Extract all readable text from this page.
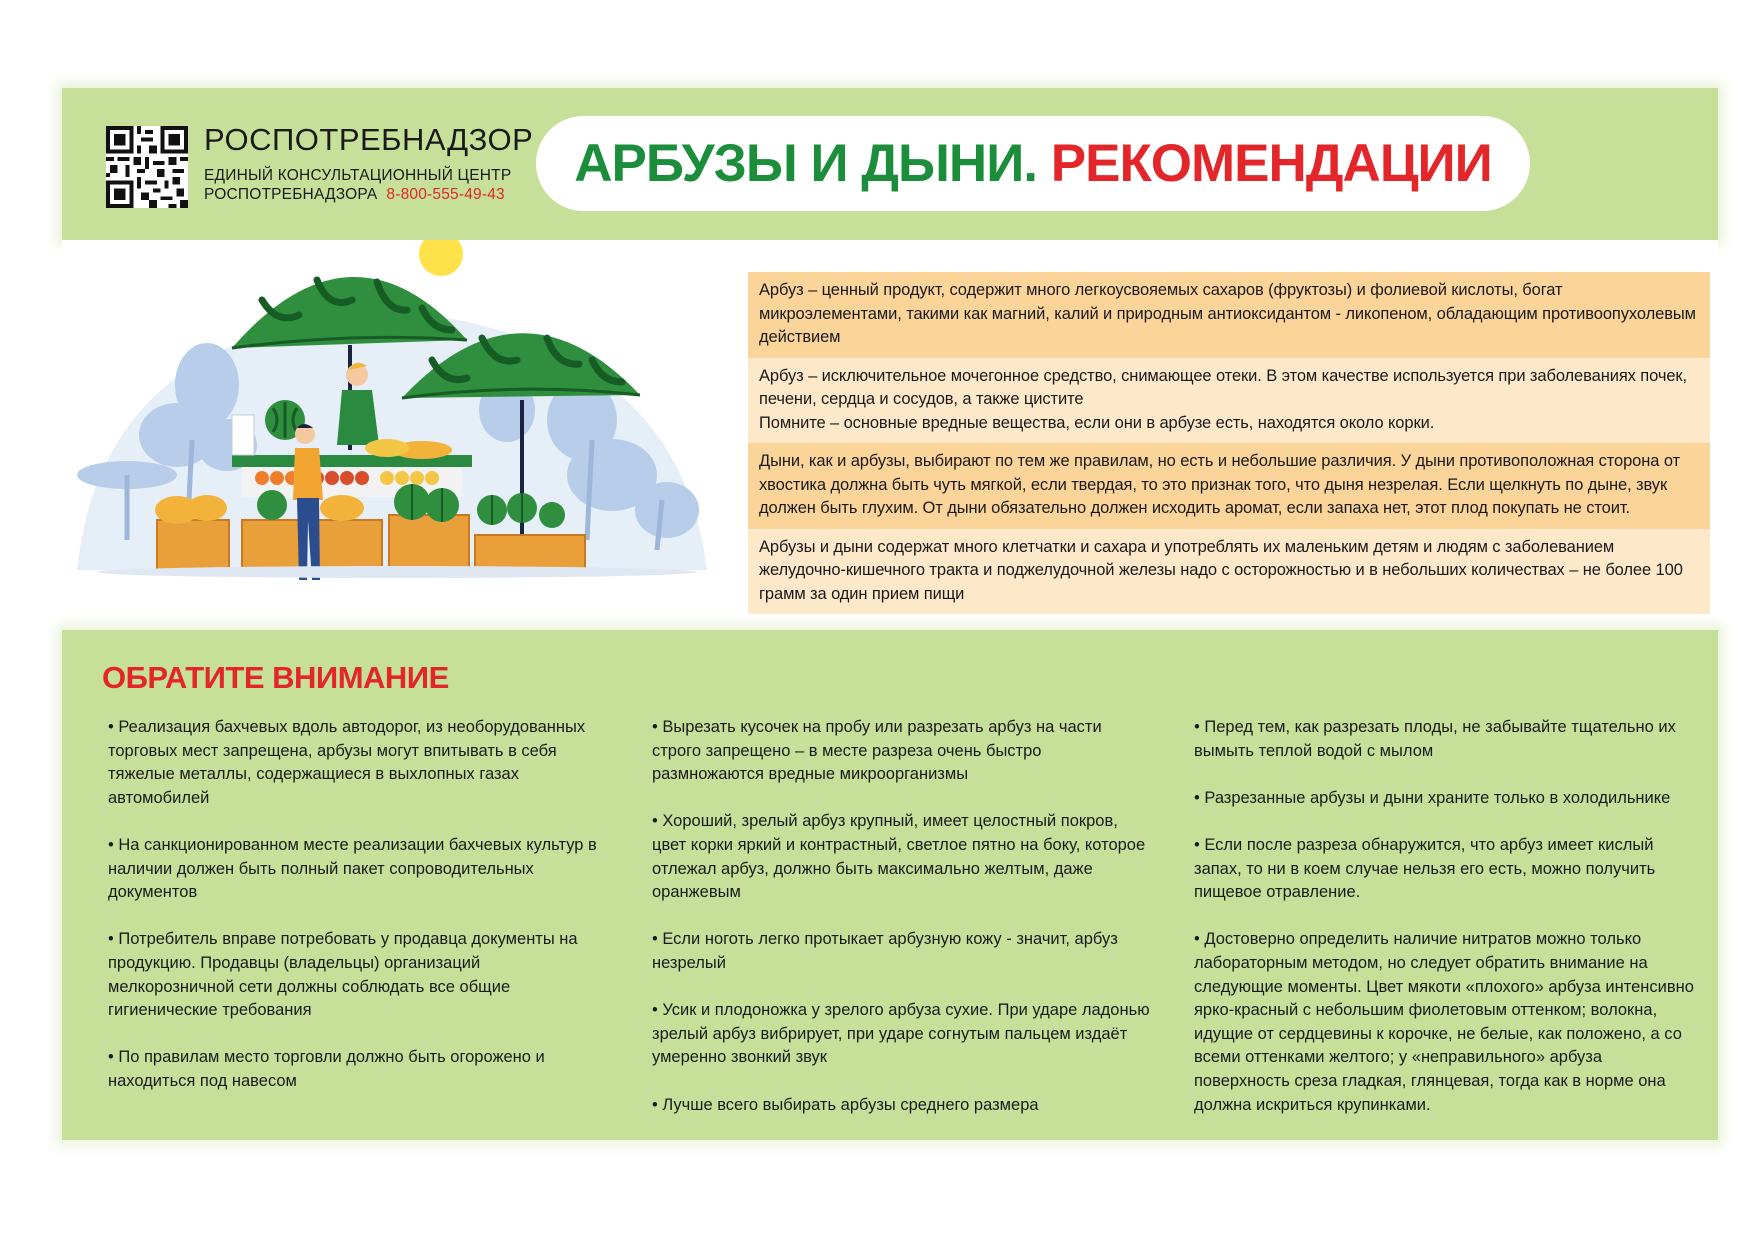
РОСПОТРЕБНАДЗОР
ЕДИНЫЙ КОНСУЛЬТАЦИОННЫЙ ЦЕНТР
РОСПОТРЕБНАДЗОРА 8-800-555-49-43
АРБУЗЫ И ДЫНИ.
РЕКОМЕНДАЦИИ
Арбуз – ценный продукт, содержит много легкоусвояемых сахаров (фруктозы) и фолиевой кислоты, богат микроэлементами, такими как магний, калий и природным антиоксидантом - ликопеном, обладающим противоопухолевым действием
Арбуз – исключительное мочегонное средство, снимающее отеки. В этом качестве используется при заболеваниях почек, печени, сердца и сосудов, а также цистите
Помните – основные вредные вещества, если они в арбузе есть, находятся около корки.
Дыни, как и арбузы, выбирают по тем же правилам, но есть и небольшие различия. У дыни противоположная сторона от хвостика должна быть чуть мягкой, если твердая, то это признак того, что дыня незрелая. Если щелкнуть по дыне, звук должен быть глухим. От дыни обязательно должен исходить аромат, если запаха нет, этот плод покупать не стоит.
Арбузы и дыни содержат много клетчатки и сахара и употреблять их маленьким детям и людям с заболеванием желудочно-кишечного тракта и поджелудочной железы надо с осторожностью и в небольших количествах – не более 100 грамм за один прием пищи
ОБРАТИТЕ ВНИМАНИЕ

• Реализация бахчевых вдоль автодорог, из необорудованных торговых мест запрещена, арбузы могут впитывать в себя тяжелые металлы, содержащиеся в выхлопных газах автомобилей

• На санкционированном месте реализации бахчевых культур в наличии должен быть полный пакет сопроводительных документов

• Потребитель вправе потребовать у продавца документы на продукцию. Продавцы (владельцы) организаций мелкорозничной сети должны соблюдать все общие гигиенические требования

• По правилам место торговли должно быть огорожено и находиться под навесом

• Вырезать кусочек на пробу или разрезать арбуз на части строго запрещено – в месте разреза очень быстро размножаются вредные микроорганизмы

• Хороший, зрелый арбуз крупный, имеет целостный покров, цвет корки яркий и контрастный, светлое пятно на боку, которое отлежал арбуз, должно быть максимально желтым, даже оранжевым

• Если ноготь легко протыкает арбузную кожу - значит, арбуз незрелый

• Усик и плодоножка у зрелого арбуза сухие. При ударе ладонью зрелый арбуз вибрирует, при ударе согнутым пальцем издаёт умеренно звонкий звук

• Лучше всего выбирать арбузы среднего размера

• Перед тем, как разрезать плоды, не забывайте тщательно их вымыть теплой водой с мылом

• Разрезанные арбузы и дыни храните только в холодильнике

• Если после разреза обнаружится, что арбуз имеет кислый запах, то ни в коем случае нельзя его есть, можно получить пищевое отравление.

• Достоверно определить наличие нитратов можно только лабораторным методом, но следует обратить внимание на следующие моменты. Цвет мякоти «плохого» арбуза интенсивно ярко-красный с небольшим фиолетовым оттенком; волокна, идущие от сердцевины к корочке, не белые, как положено, а со всеми оттенками желтого; у «неправильного» арбуза поверхность среза гладкая, глянцевая, тогда как в норме она должна искриться крупинками.
